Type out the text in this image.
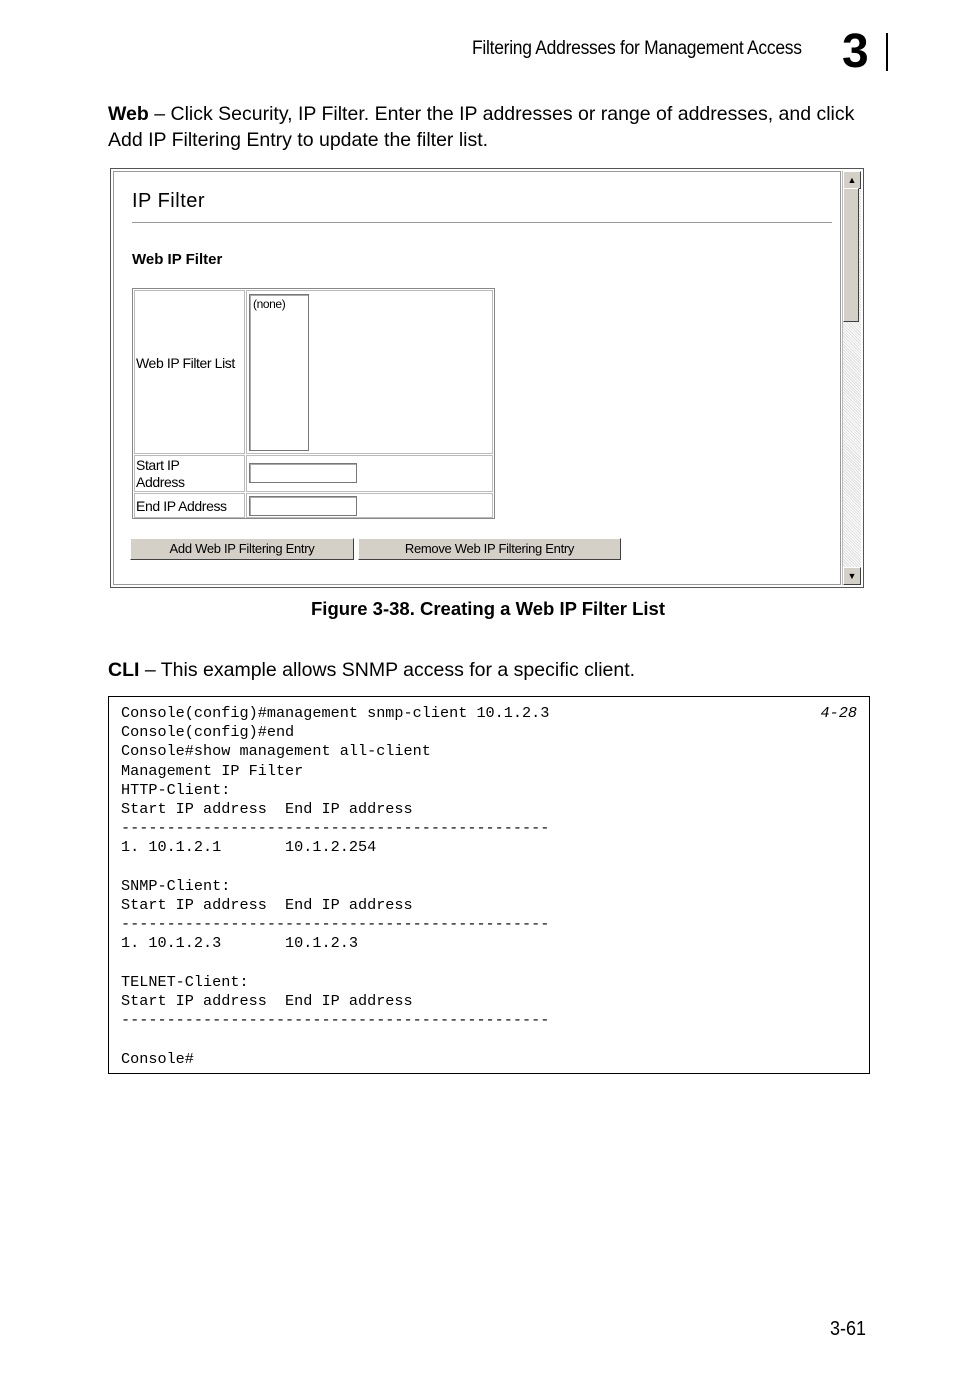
Filtering Addresses for Management Access 3
Web – Click Security, IP Filter. Enter the IP addresses or range of addresses, and click Add IP Filtering Entry to update the filter list.
IP Filter
Web IP Filter
Web IP Filter List
(none)
Start IP Address
End IP Address
Add Web IP Filtering Entry	Remove Web IP Filtering Entry
▲
▼
Figure 3-38. Creating a Web IP Filter List
CLI – This example allows SNMP access for a specific client.
4-28
Console(config)#management snmp-client 10.1.2.3
Console(config)#end
Console#show management all-client
Management IP Filter
HTTP-Client:
Start IP address  End IP address
-----------------------------------------------
1. 10.1.2.1       10.1.2.254
SNMP-Client:
Start IP address  End IP address
-----------------------------------------------
1. 10.1.2.3       10.1.2.3
TELNET-Client:
Start IP address  End IP address
-----------------------------------------------
Console#
3-61
